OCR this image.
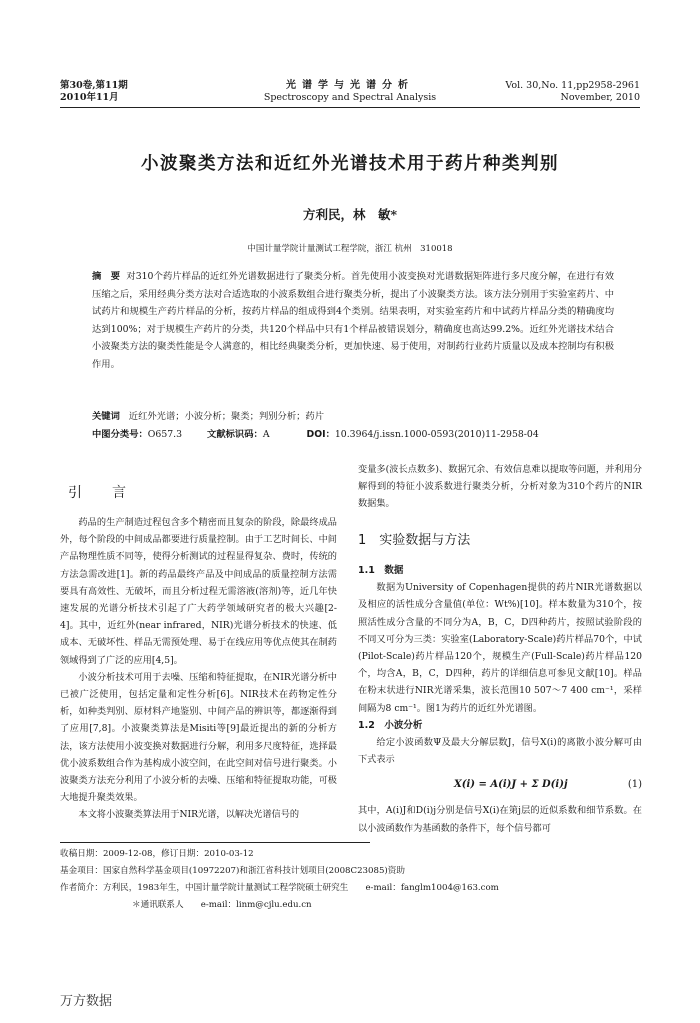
第30卷,第11期
2010年11月
光谱学与光谱分析
Spectroscopy and Spectral Analysis
Vol. 30,No. 11,pp2958-2961
November, 2010
小波聚类方法和近红外光谱技术用于药片种类判别
方利民，林　敏*
中国计量学院计量测试工程学院，浙江 杭州　310018
摘　要 对310个药片样品的近红外光谱数据进行了聚类分析。首先使用小波变换对光谱数据矩阵进行多尺度分解，在进行有效压缩之后，采用经典分类方法对合适选取的小波系数组合进行聚类分析，提出了小波聚类方法。该方法分别用于实验室药片、中试药片和规模生产药片样品的分析，按药片样品的组成得到4个类别。结果表明，对实验室药片和中试药片样品分类的精确度均达到100%；对于规模生产药片的分类，共120个样品中只有1个样品被错误划分，精确度也高达99.2%。近红外光谱技术结合小波聚类方法的聚类性能是令人满意的，相比经典聚类分析，更加快速、易于使用，对制药行业药片质量以及成本控制均有积极作用。
关键词 近红外光谱；小波分析；聚类；判别分析；药片
中图分类号：O657.3	文献标识码：A	DOI：10.3964/j.issn.1000-0593(2010)11-2958-04
引　言

药品的生产制造过程包含多个精密而且复杂的阶段，除最终成品外，每个阶段的中间成品都要进行质量控制。由于工艺时间长、中间产品物理性质不同等，使得分析测试的过程显得复杂、费时，传统的方法急需改进[1]。新的药品最终产品及中间成品的质量控制方法需要具有高效性、无破坏，而且分析过程无需溶液(溶剂)等，近几年快速发展的光谱分析技术引起了广大药学领域研究者的极大兴趣[2-4]。其中，近红外(near infrared，NIR)光谱分析技术的快速、低成本、无破坏性、样品无需预处理、易于在线应用等优点使其在制药领域得到了广泛的应用[4,5]。

小波分析技术可用于去噪、压缩和特征提取，在NIR光谱分析中已被广泛使用，包括定量和定性分析[6]。NIR技术在药物定性分析，如种类判别、原材料产地鉴别、中间产品的辨识等，都逐渐得到了应用[7,8]。小波聚类算法是Misiti等[9]最近提出的新的分析方法，该方法使用小波变换对数据进行分解，利用多尺度特征，选择最优小波系数组合作为基构成小波空间，在此空间对信号进行聚类。小波聚类方法充分利用了小波分析的去噪、压缩和特征提取功能，可极大地提升聚类效果。

本文将小波聚类算法用于NIR光谱，以解决光谱信号的

变量多(波长点数多)、数据冗余、有效信息难以提取等问题，并利用分解得到的特征小波系数进行聚类分析，分析对象为310个药片的NIR数据集。

1　实验数据与方法
1.1　数据

数据为University of Copenhagen提供的药片NIR光谱数据以及相应的活性成分含量值(单位：Wt%)[10]。样本数量为310个，按照活性成分含量的不同分为A，B，C，D四种药片，按照试验阶段的不同又可分为三类：实验室(Laboratory-Scale)药片样品70个，中试(Pilot-Scale)药片样品120个，规模生产(Full-Scale)药片样品120个，均含A，B，C，D四种，药片的详细信息可参见文献[10]。样品在粉末状进行NIR光谱采集，波长范围10 507～7 400 cm⁻¹，采样间隔为8 cm⁻¹。图1为药片的近红外光谱图。

1.2　小波分析

给定小波函数Ψ及最大分解层数J，信号X(i)的离散小波分解可由下式表示

X(i) = A(i)J + Σ D(i)j	(1)

其中，A(i)J和D(i)j分别是信号X(i)在第j层的近似系数和细节系数。在以小波函数作为基函数的条件下，每个信号都可

收稿日期：2009-12-08，修订日期：2010-03-12
基金项目：国家自然科学基金项目(10972207)和浙江省科技计划项目(2008C23085)资助
作者简介：方利民，1983年生，中国计量学院计量测试工程学院硕士研究生　　e-mail：fanglm1004@163.com
＊通讯联系人　　e-mail：linm@cjlu.edu.cn
万方数据
